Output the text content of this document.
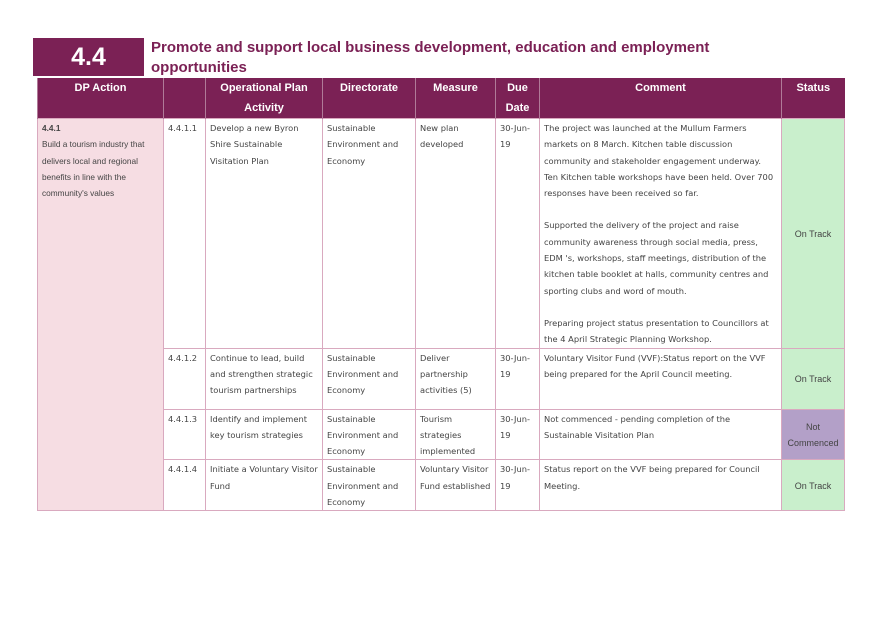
4.4	Promote and support local business development, education and employment opportunities
DP Action		Operational Plan Activity	Directorate	Measure	Due Date	Comment	Status

4.4.1
Build a tourism industry that delivers local and regional benefits in line with the community's values	4.4.1.1	Develop a new Byron Shire Sustainable Visitation Plan	Sustainable Environment and Economy	New plan developed	30-Jun-19	The project was launched at the Mullum Farmers markets on 8 March. Kitchen table discussion community and stakeholder engagement underway. Ten Kitchen table workshops have been held. Over 700 responses have been received so far.
Supported the delivery of the project and raise community awareness through social media, press, EDM 's, workshops, staff meetings, distribution of the kitchen table booklet at halls, community centres and sporting clubs and word of mouth.
Preparing project status presentation to Councillors at the 4 April Strategic Planning Workshop.	On Track
	4.4.1.2	Continue to lead, build and strengthen strategic tourism partnerships	Sustainable Environment and Economy	Deliver partnership activities (5)	30-Jun-19	Voluntary Visitor Fund (VVF):Status report on the VVF being prepared for the April Council meeting.	On Track
	4.4.1.3	Identify and implement key tourism strategies	Sustainable Environment and Economy	Tourism strategies implemented	30-Jun-19	Not commenced - pending completion of the Sustainable Visitation Plan	Not Commenced
	4.4.1.4	Initiate a Voluntary Visitor Fund	Sustainable Environment and Economy	Voluntary Visitor Fund established	30-Jun-19	Status report on the VVF being prepared for Council Meeting.	On Track
